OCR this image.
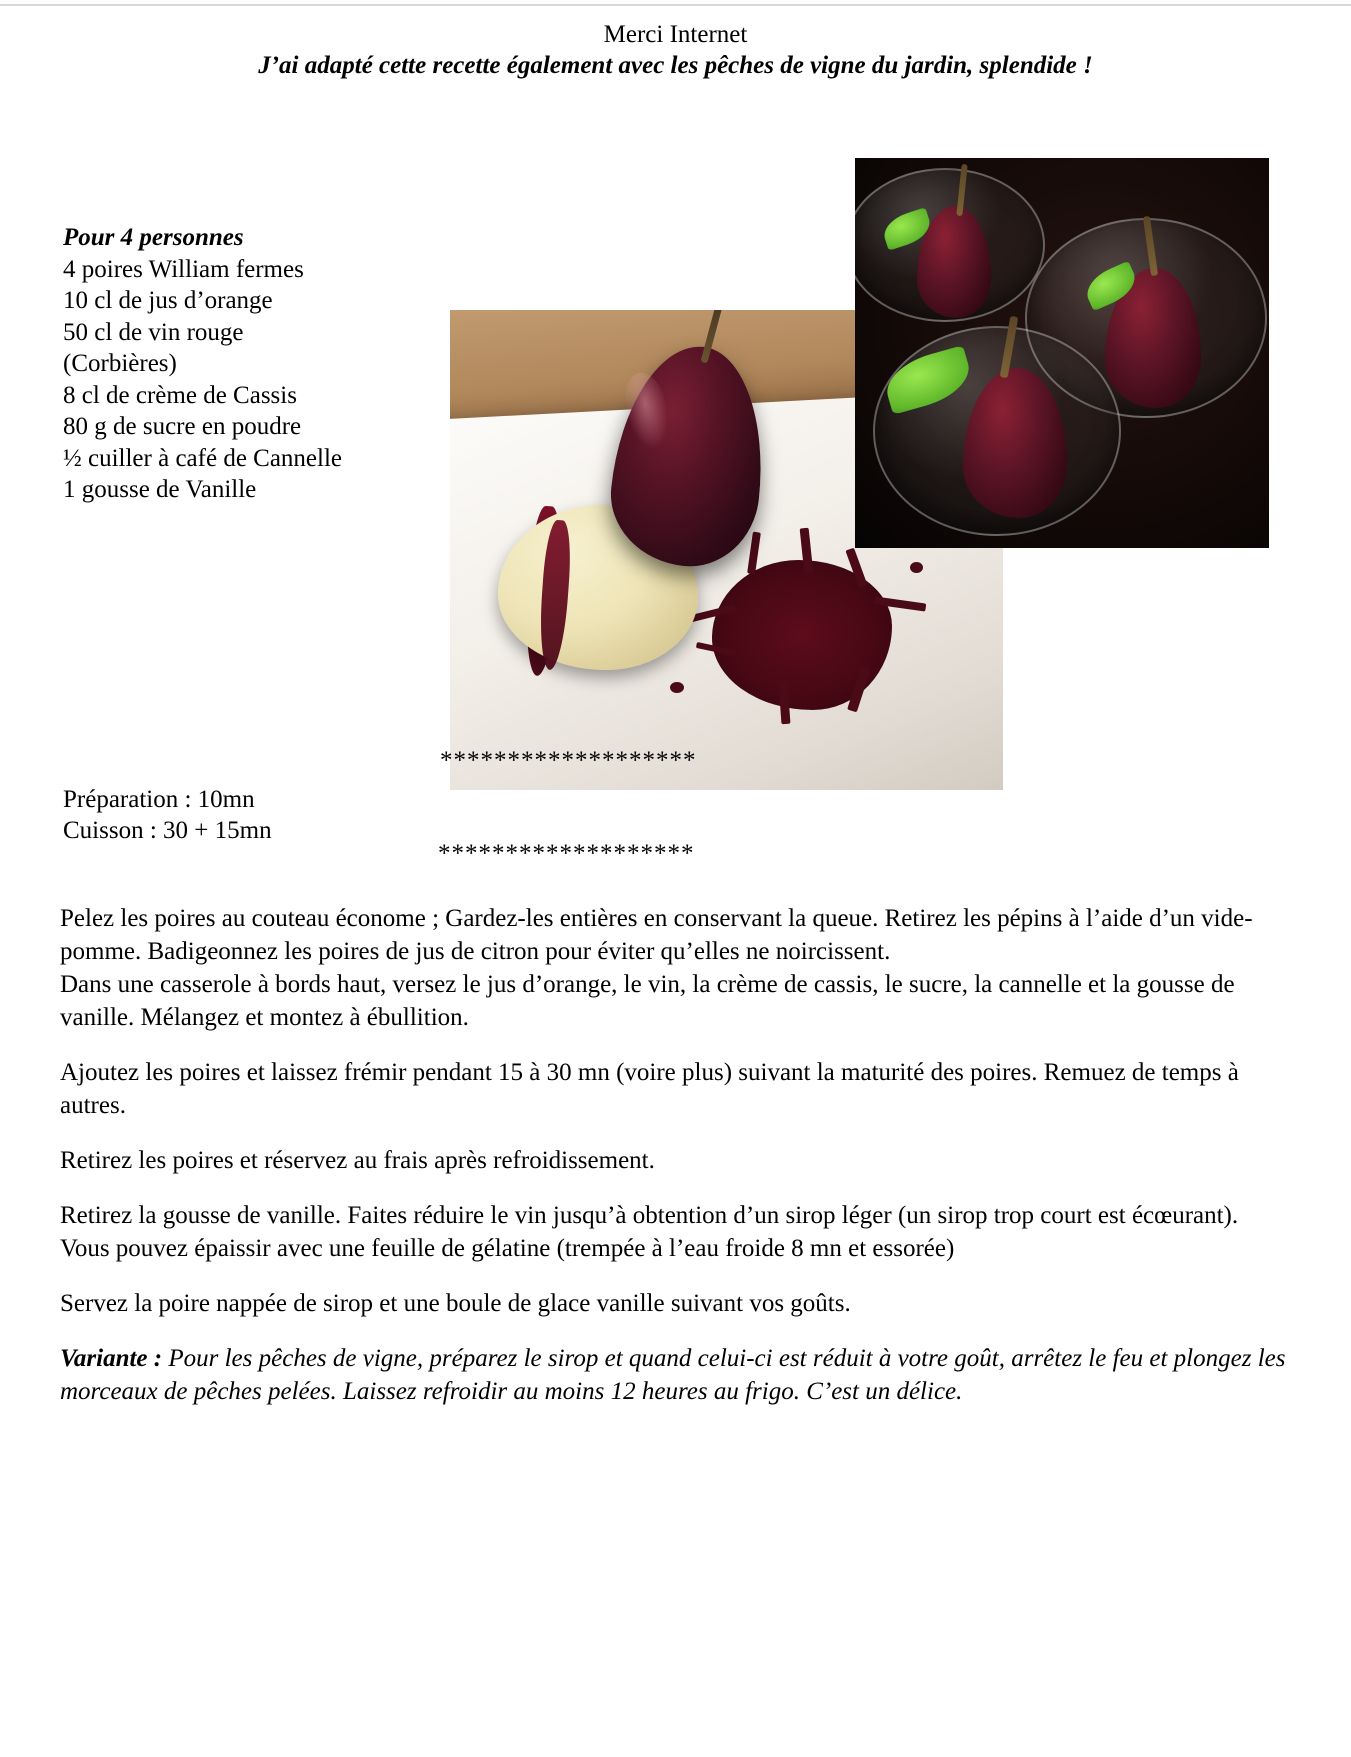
Merci Internet
J’ai adapté cette recette également avec les pêches de vigne du jardin, splendide !
Pour 4 personnes
4 poires William fermes
10 cl de jus d’orange
50 cl de vin rouge
(Corbières)
8 cl de crème de Cassis
80 g de sucre en poudre
½ cuiller à café de Cannelle
1 gousse de Vanille
*******************
Préparation : 10mn
Cuisson : 30 + 15mn
*******************

Pelez les poires au couteau économe ; Gardez-les entières en conservant la queue. Retirez les pépins à l’aide d’un vide-pomme. Badigeonnez les poires de jus de citron pour éviter qu’elles ne noircissent.

Dans une casserole à bords haut, versez le jus d’orange, le vin, la crème de cassis, le sucre, la cannelle et la gousse de vanille. Mélangez et montez à ébullition.

Ajoutez les poires et laissez frémir pendant 15 à 30 mn (voire plus) suivant la maturité des poires. Remuez de temps à autres.

Retirez les poires et réservez au frais après refroidissement.

Retirez la gousse de vanille. Faites réduire le vin jusqu’à obtention d’un sirop léger (un sirop trop court est écœurant). Vous pouvez épaissir avec une feuille de gélatine (trempée à l’eau froide 8 mn et essorée)

Servez la poire nappée de sirop et une boule de glace vanille suivant vos goûts.

Variante : Pour les pêches de vigne, préparez le sirop et quand celui-ci est réduit à votre goût, arrêtez le feu et plongez les morceaux de pêches pelées. Laissez refroidir au moins 12 heures au frigo. C’est un délice.
